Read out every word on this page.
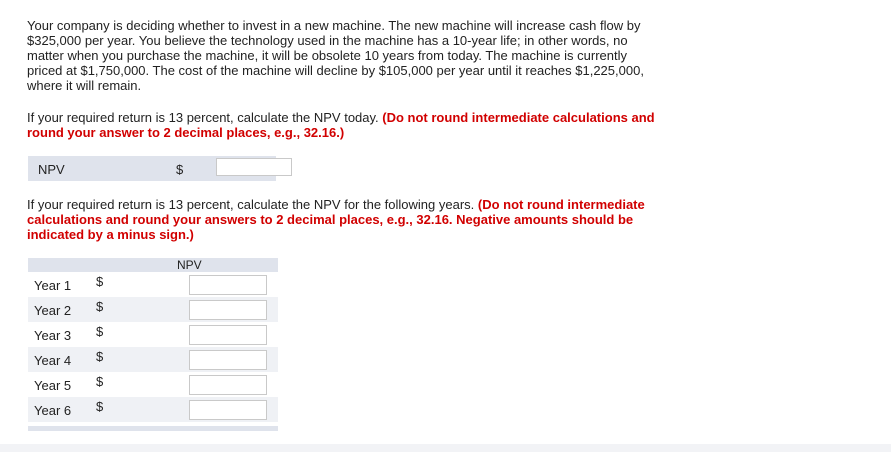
Your company is deciding whether to invest in a new machine. The new machine will increase cash flow by $325,000 per year. You believe the technology used in the machine has a 10-year life; in other words, no matter when you purchase the machine, it will be obsolete 10 years from today. The machine is currently priced at $1,750,000. The cost of the machine will decline by $105,000 per year until it reaches $1,225,000, where it will remain.

If your required return is 13 percent, calculate the NPV today. (Do not round intermediate calculations and round your answer to 2 decimal places, e.g., 32.16.)

NPV	$

If your required return is 13 percent, calculate the NPV for the following years. (Do not round intermediate calculations and round your answers to 2 decimal places, e.g., 32.16. Negative amounts should be indicated by a minus sign.)

NPV
Year 1 $
Year 2 $
Year 3 $
Year 4 $
Year 5 $
Year 6 $
